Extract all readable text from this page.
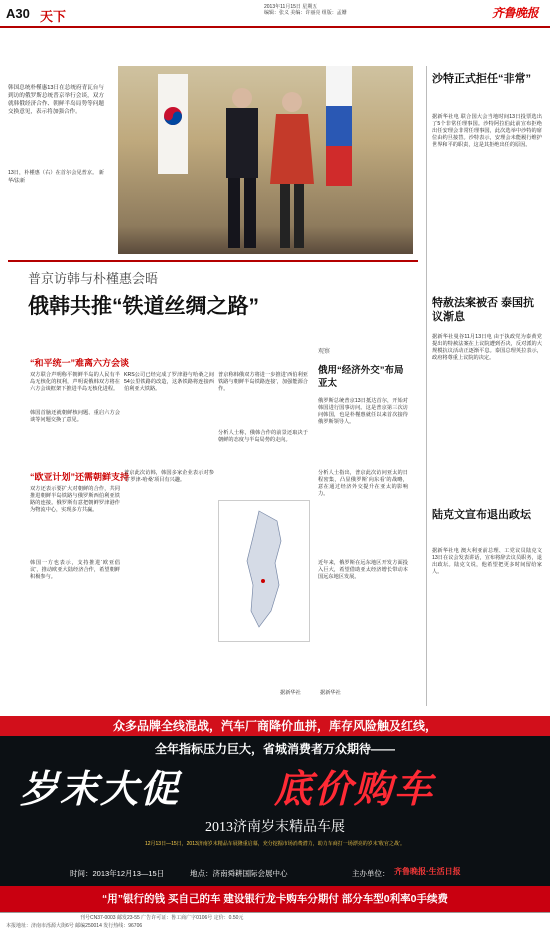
A30 天下
2013年11月15日 星期五
编辑：张义 美编：许丽亮 组版：孟姗	齐鲁晚报
韩国总统朴槿惠13日在总统府青瓦台与到访的俄罗斯总统普京举行会谈，双方就韩俄经济合作、朝鲜半岛局势等问题交换意见，表示将加强合作。
13日，朴槿惠（右）在首尔会见普京。 新华/法新
普京访韩与朴槿惠会晤
俄韩共推“铁道丝绸之路”
“和平统一”难离六方会谈
双方联合声明称平朝鲜半岛的人民有半岛无核化的权利，声明说俄韩双方将在六方会谈框架下推进半岛无核化进程。
韩国首脑还就朝鲜核问题、重启六方会谈等问题交换了意见。
“欧亚计划”还需朝鲜支持
双方还表示要扩大对朝鲜的合作，共同推进朝鲜半岛铁路与俄罗斯西伯利亚铁路的连接。俄罗斯有意把朝鲜罗津港作为物流中心，实现多方共赢。
韩国一方也表示，支持推进‘欧亚倡议’，推动欧亚大陆经济合作，希望朝鲜积极参与。
KRS公司已经完成了罗津港与哈桑之间54公里铁路的改造，这条铁路将连接西伯利亚大铁路。
普京此次访韩，韩国多家企业表示对参与‘罗津-哈桑’项目有兴趣。
普京称韩俄双方将进一步推进‘西伯利亚铁路与朝鲜半岛铁路连接’，加强能源合作。
分析人士称，俄韩合作的前景还取决于朝鲜的态度与半岛局势的走向。
据新华社
观察
俄用“经济外交”布局亚太
俄罗斯总统普京13日抵达首尔，开始对韩国进行国事访问。这是普京第三次访问韩国，也是朴槿惠就任以来首次接待俄罗斯领导人。
分析人士指出，普京此次访问亚太的日程密集，凸显俄罗斯‘向东看’的战略，意在通过经济外交提升在亚太的影响力。
近年来，俄罗斯在远东地区开发方面投入巨大，希望借助亚太经济增长带动本国远东地区发展。
据新华社
沙特正式拒任“非常”
据新华社电 联合国大会当地时间13日投票选出了5个非常任理事国。沙特阿拉伯此前宣布拒绝出任安理会非常任理事国，此次选举中沙特的席位由约旦接替。沙特表示，安理会未能履行维护世界和平的职责，这是其拒绝出任的原因。
特赦法案被否 泰国抗议渐息
据新华社曼谷11月13日电 由于执政党为泰黄党提出的特赦法案在上议院遭到否决，反对派的大规模抗议活动正逐渐平息。泰国总理英拉表示，政府将尊重上议院的决定。
陆克文宣布退出政坛
据新华社电 澳大利亚前总理、工党议员陆克文13日在议会发表讲话，宣布将辞去议员职务，退出政坛。陆克文说，他希望把更多时间留给家人。
众多品牌全线混战，汽车厂商降价血拼，库存风险触及红线，
全年指标压力巨大，省城消费者万众期待——
岁末大促 底价购车
2013济南岁末精品车展
12月13日—15日，2013济南岁末精品车展隆重启幕，充分挖掘市场消费潜力，助力车商打一场漂亮的岁末‘收官之战’。
时间：2013年12月13—15日	地点：济南舜耕国际会展中心	主办单位： 齐鲁晚报·生活日报
“用”银行的钱 买自己的车 建设银行龙卡购车分期付 部分车型0利率0手续费
刊号CN37-0003 邮发23-55 广告许可证：鲁工商广字0106号 定价：0.50元
本报地址：济南市泺源大街6号 邮编250014 发行热线：96706
